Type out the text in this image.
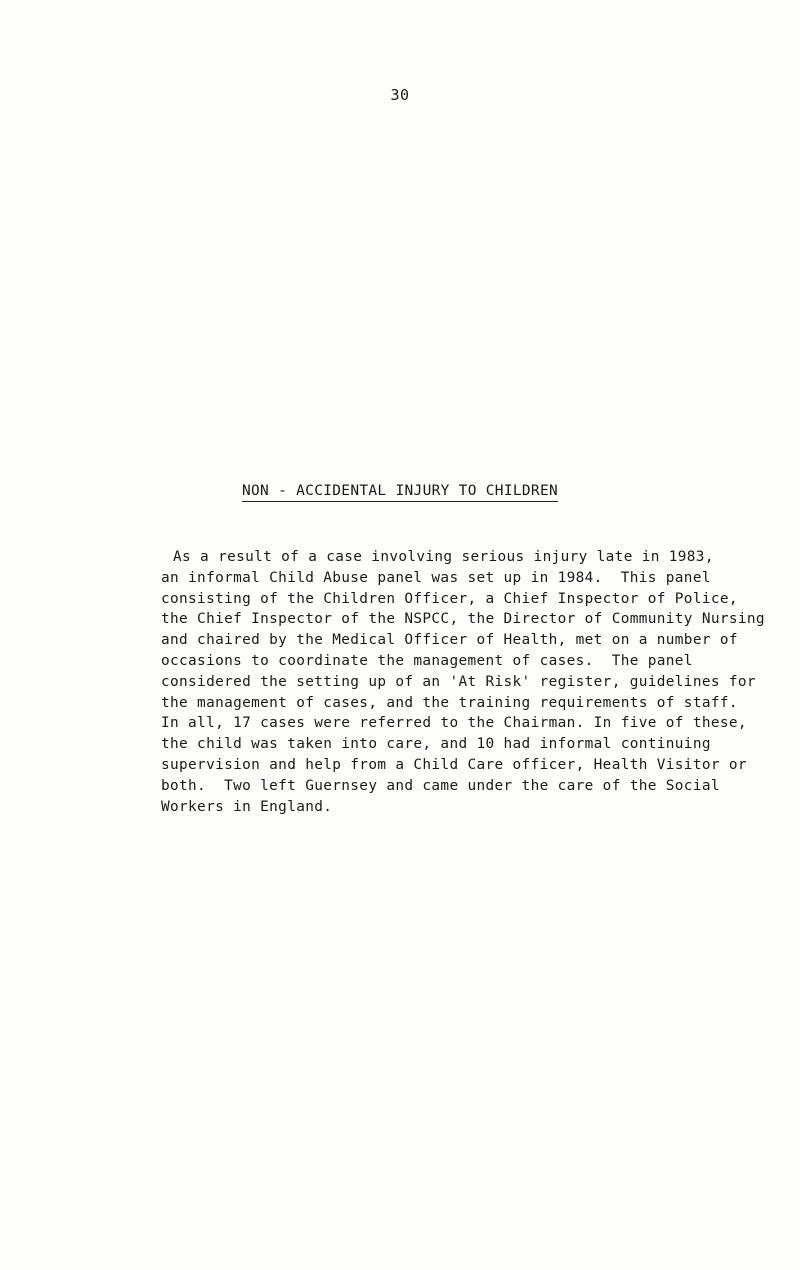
30
NON - ACCIDENTAL INJURY TO CHILDREN
As a result of a case involving serious injury late in 1983,
an informal Child Abuse panel was set up in 1984.  This panel
consisting of the Children Officer, a Chief Inspector of Police,
the Chief Inspector of the NSPCC, the Director of Community Nursing
and chaired by the Medical Officer of Health, met on a number of
occasions to coordinate the management of cases.  The panel
considered the setting up of an 'At Risk' register, guidelines for
the management of cases, and the training requirements of staff.
In all, 17 cases were referred to the Chairman. In five of these,
the child was taken into care, and 10 had informal continuing
supervision and help from a Child Care officer, Health Visitor or
both.  Two left Guernsey and came under the care of the Social
Workers in England.
